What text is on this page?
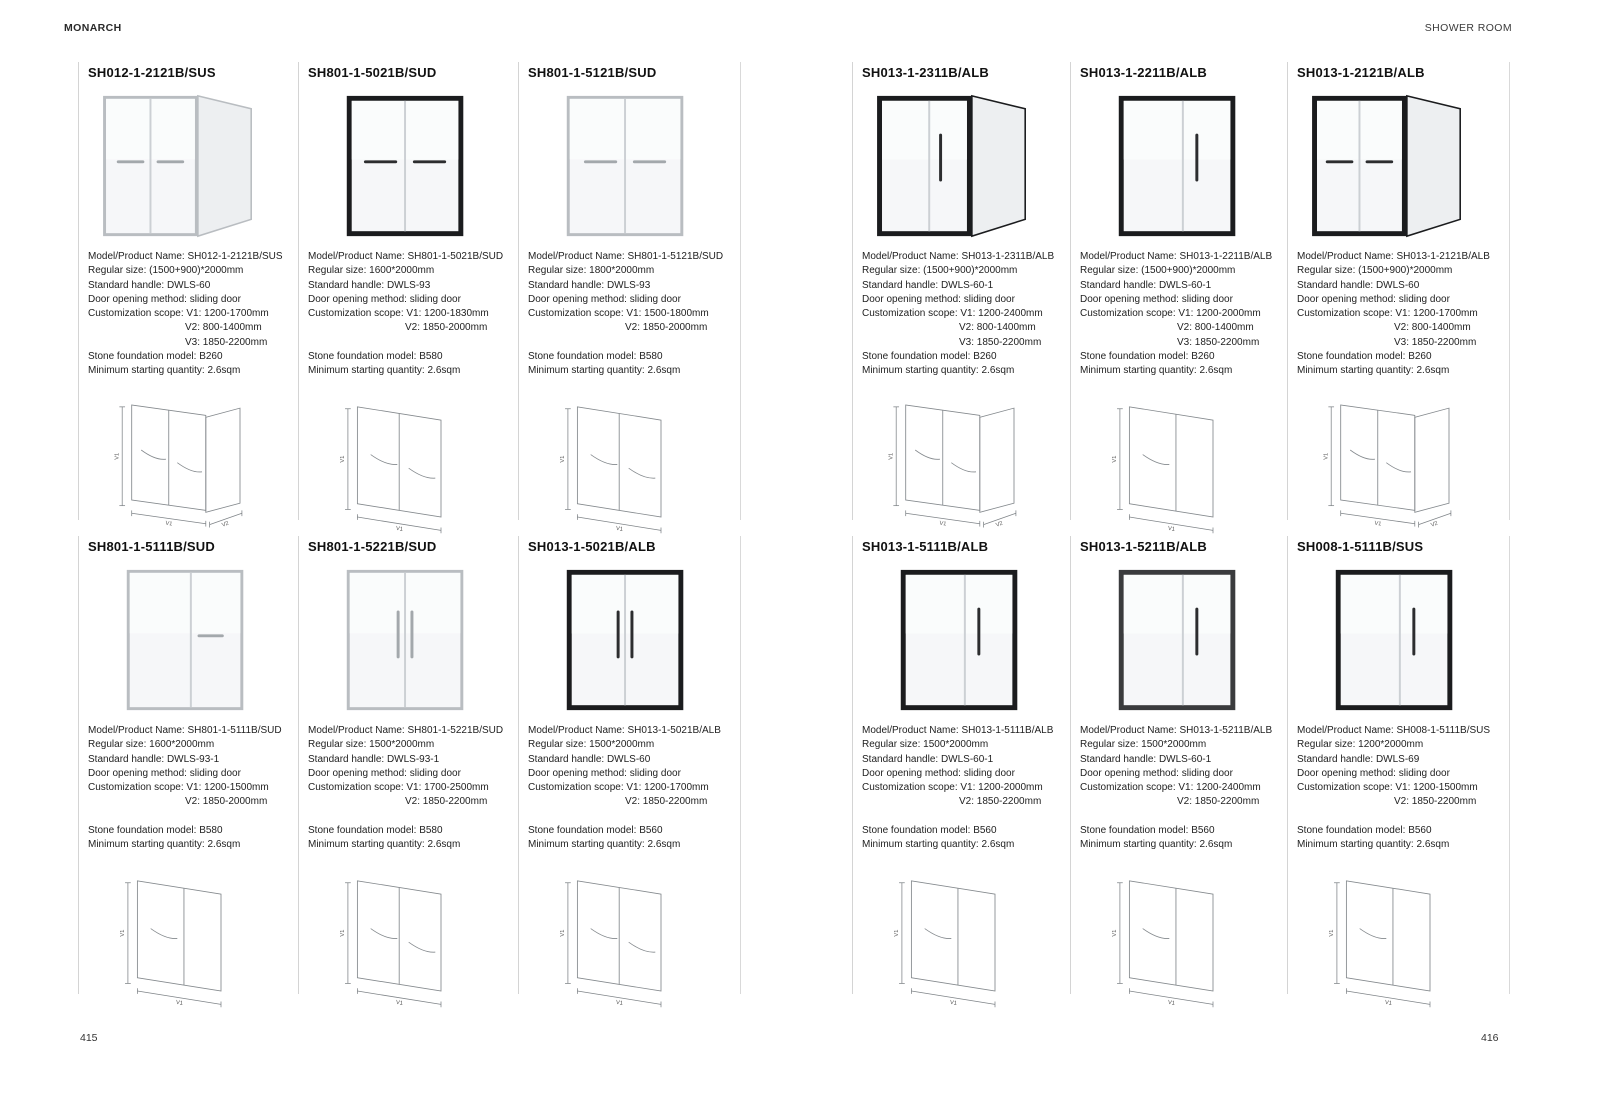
MONARCH	SHOWER ROOM
SH012-1-2121B/SUS
Model/Product Name: SH012-1-2121B/SUS
Regular size: (1500+900)*2000mm
Standard handle: DWLS-60
Door opening method: sliding door
Customization scope: V1: 1200-1700mm
V2: 800-1400mm
V3: 1850-2200mm
Stone foundation model: B260
Minimum starting quantity: 2.6sqm
V1
V1	V2
SH801-1-5021B/SUD
Model/Product Name: SH801-1-5021B/SUD
Regular size: 1600*2000mm
Standard handle: DWLS-93
Door opening method: sliding door
Customization scope: V1: 1200-1830mm
V2: 1850-2000mm
Stone foundation model: B580
Minimum starting quantity: 2.6sqm
V1
V1
SH801-1-5121B/SUD
Model/Product Name: SH801-1-5121B/SUD
Regular size: 1800*2000mm
Standard handle: DWLS-93
Door opening method: sliding door
Customization scope: V1: 1500-1800mm
V2: 1850-2000mm
Stone foundation model: B580
Minimum starting quantity: 2.6sqm
V1
V1
SH013-1-2311B/ALB
Model/Product Name: SH013-1-2311B/ALB
Regular size: (1500+900)*2000mm
Standard handle: DWLS-60-1
Door opening method: sliding door
Customization scope: V1: 1200-2400mm
V2: 800-1400mm
V3: 1850-2200mm
Stone foundation model: B260
Minimum starting quantity: 2.6sqm
V1
V1	V2
SH013-1-2211B/ALB
Model/Product Name: SH013-1-2211B/ALB
Regular size: (1500+900)*2000mm
Standard handle: DWLS-60-1
Door opening method: sliding door
Customization scope: V1: 1200-2000mm
V2: 800-1400mm
V3: 1850-2200mm
Stone foundation model: B260
Minimum starting quantity: 2.6sqm
V1
V1
SH013-1-2121B/ALB
Model/Product Name: SH013-1-2121B/ALB
Regular size: (1500+900)*2000mm
Standard handle: DWLS-60
Door opening method: sliding door
Customization scope: V1: 1200-1700mm
V2: 800-1400mm
V3: 1850-2200mm
Stone foundation model: B260
Minimum starting quantity: 2.6sqm
V1
V1	V2
SH801-1-5111B/SUD
Model/Product Name: SH801-1-5111B/SUD
Regular size: 1600*2000mm
Standard handle: DWLS-93-1
Door opening method: sliding door
Customization scope: V1: 1200-1500mm
V2: 1850-2000mm
Stone foundation model: B580
Minimum starting quantity: 2.6sqm
V1
V1
SH801-1-5221B/SUD
Model/Product Name: SH801-1-5221B/SUD
Regular size: 1500*2000mm
Standard handle: DWLS-93-1
Door opening method: sliding door
Customization scope: V1: 1700-2500mm
V2: 1850-2200mm
Stone foundation model: B580
Minimum starting quantity: 2.6sqm
V1
V1
SH013-1-5021B/ALB
Model/Product Name: SH013-1-5021B/ALB
Regular size: 1500*2000mm
Standard handle: DWLS-60
Door opening method: sliding door
Customization scope: V1: 1200-1700mm
V2: 1850-2200mm
Stone foundation model: B560
Minimum starting quantity: 2.6sqm
V1
V1
SH013-1-5111B/ALB
Model/Product Name: SH013-1-5111B/ALB
Regular size: 1500*2000mm
Standard handle: DWLS-60-1
Door opening method: sliding door
Customization scope: V1: 1200-2000mm
V2: 1850-2200mm
Stone foundation model: B560
Minimum starting quantity: 2.6sqm
V1
V1
SH013-1-5211B/ALB
Model/Product Name: SH013-1-5211B/ALB
Regular size: 1500*2000mm
Standard handle: DWLS-60-1
Door opening method: sliding door
Customization scope: V1: 1200-2400mm
V2: 1850-2200mm
Stone foundation model: B560
Minimum starting quantity: 2.6sqm
V1
V1
SH008-1-5111B/SUS
Model/Product Name: SH008-1-5111B/SUS
Regular size: 1200*2000mm
Standard handle: DWLS-69
Door opening method: sliding door
Customization scope: V1: 1200-1500mm
V2: 1850-2200mm
Stone foundation model: B560
Minimum starting quantity: 2.6sqm
V1
V1
415	416
